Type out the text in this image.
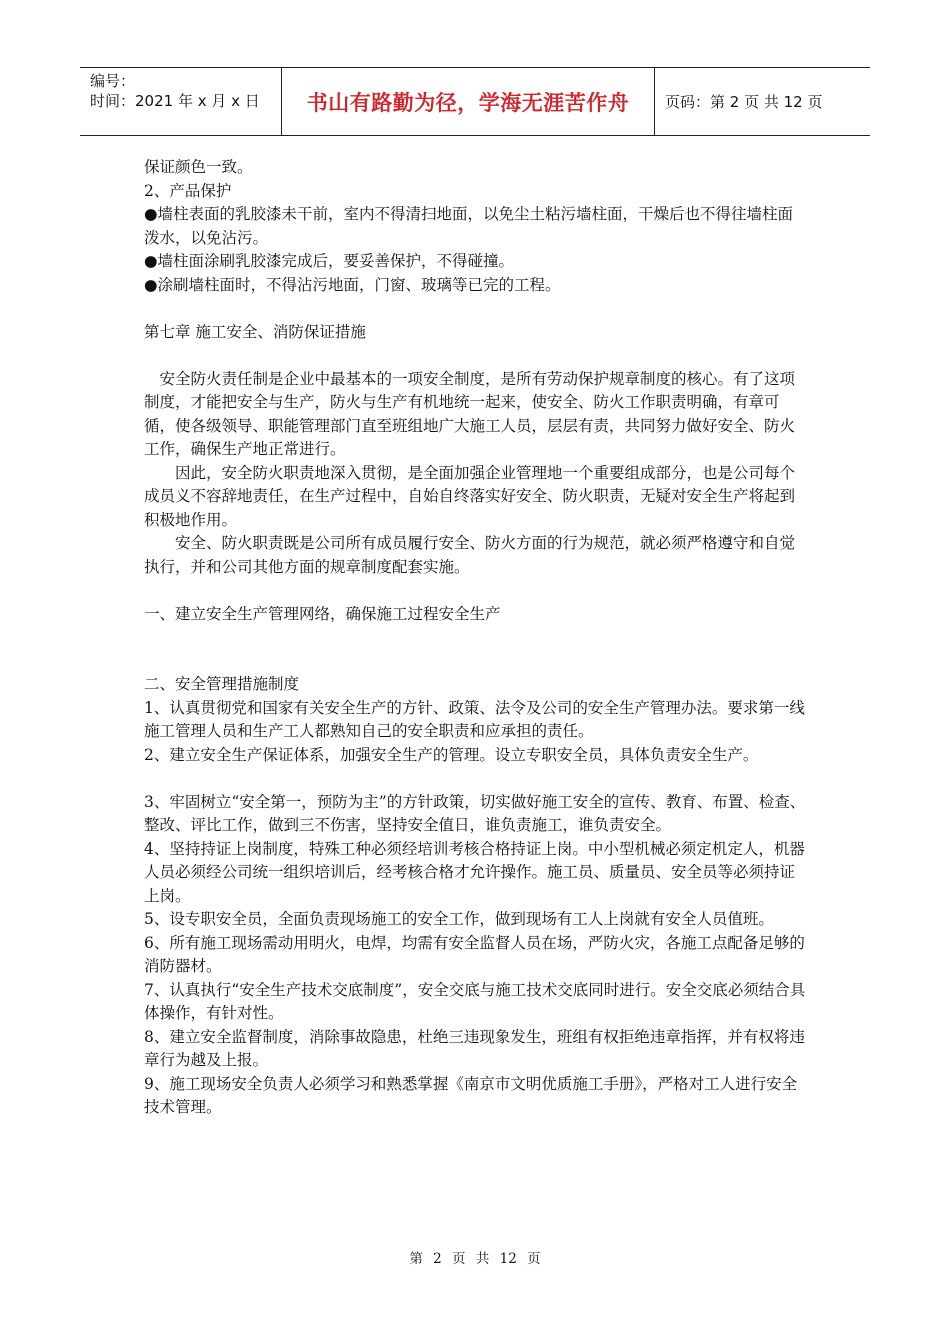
编号：
时间：2021 年 x 月 x 日	书山有路勤为径，学海无涯苦作舟	页码：第 2 页 共 12 页

保证颜色一致。

2、产品保护

●墙柱表面的乳胶漆未干前，室内不得清扫地面，以免尘土粘污墙柱面，干燥后也不得往墙柱面泼水，以免沾污。

●墙柱面涂刷乳胶漆完成后，要妥善保护，不得碰撞。

●涂刷墙柱面时，不得沾污地面，门窗、玻璃等已完的工程。

第七章 施工安全、消防保证措施

安全防火责任制是企业中最基本的一项安全制度，是所有劳动保护规章制度的核心。有了这项制度，才能把安全与生产，防火与生产有机地统一起来，使安全、防火工作职责明确，有章可循，使各级领导、职能管理部门直至班组地广大施工人员，层层有责，共同努力做好安全、防火工作，确保生产地正常进行。

因此，安全防火职责地深入贯彻，是全面加强企业管理地一个重要组成部分，也是公司每个成员义不容辞地责任，在生产过程中，自始自终落实好安全、防火职责，无疑对安全生产将起到积极地作用。

安全、防火职责既是公司所有成员履行安全、防火方面的行为规范，就必须严格遵守和自觉执行，并和公司其他方面的规章制度配套实施。

一、建立安全生产管理网络，确保施工过程安全生产

二、安全管理措施制度

1、认真贯彻党和国家有关安全生产的方针、政策、法令及公司的安全生产管理办法。要求第一线施工管理人员和生产工人都熟知自己的安全职责和应承担的责任。

2、建立安全生产保证体系，加强安全生产的管理。设立专职安全员，具体负责安全生产。

3、牢固树立“安全第一，预防为主”的方针政策，切实做好施工安全的宣传、教育、布置、检查、整改、评比工作，做到三不伤害，坚持安全值日，谁负责施工，谁负责安全。

4、坚持持证上岗制度，特殊工种必须经培训考核合格持证上岗。中小型机械必须定机定人，机器人员必须经公司统一组织培训后，经考核合格才允许操作。施工员、质量员、安全员等必须持证上岗。

5、设专职安全员，全面负责现场施工的安全工作，做到现场有工人上岗就有安全人员值班。

6、所有施工现场需动用明火，电焊，均需有安全监督人员在场，严防火灾，各施工点配备足够的消防器材。

7、认真执行“安全生产技术交底制度”，安全交底与施工技术交底同时进行。安全交底必须结合具体操作，有针对性。

8、建立安全监督制度，消除事故隐患，杜绝三违现象发生，班组有权拒绝违章指挥，并有权将违章行为越及上报。

9、施工现场安全负责人必须学习和熟悉掌握《南京市文明优质施工手册》，严格对工人进行安全技术管理。

第 2 页 共 12 页
